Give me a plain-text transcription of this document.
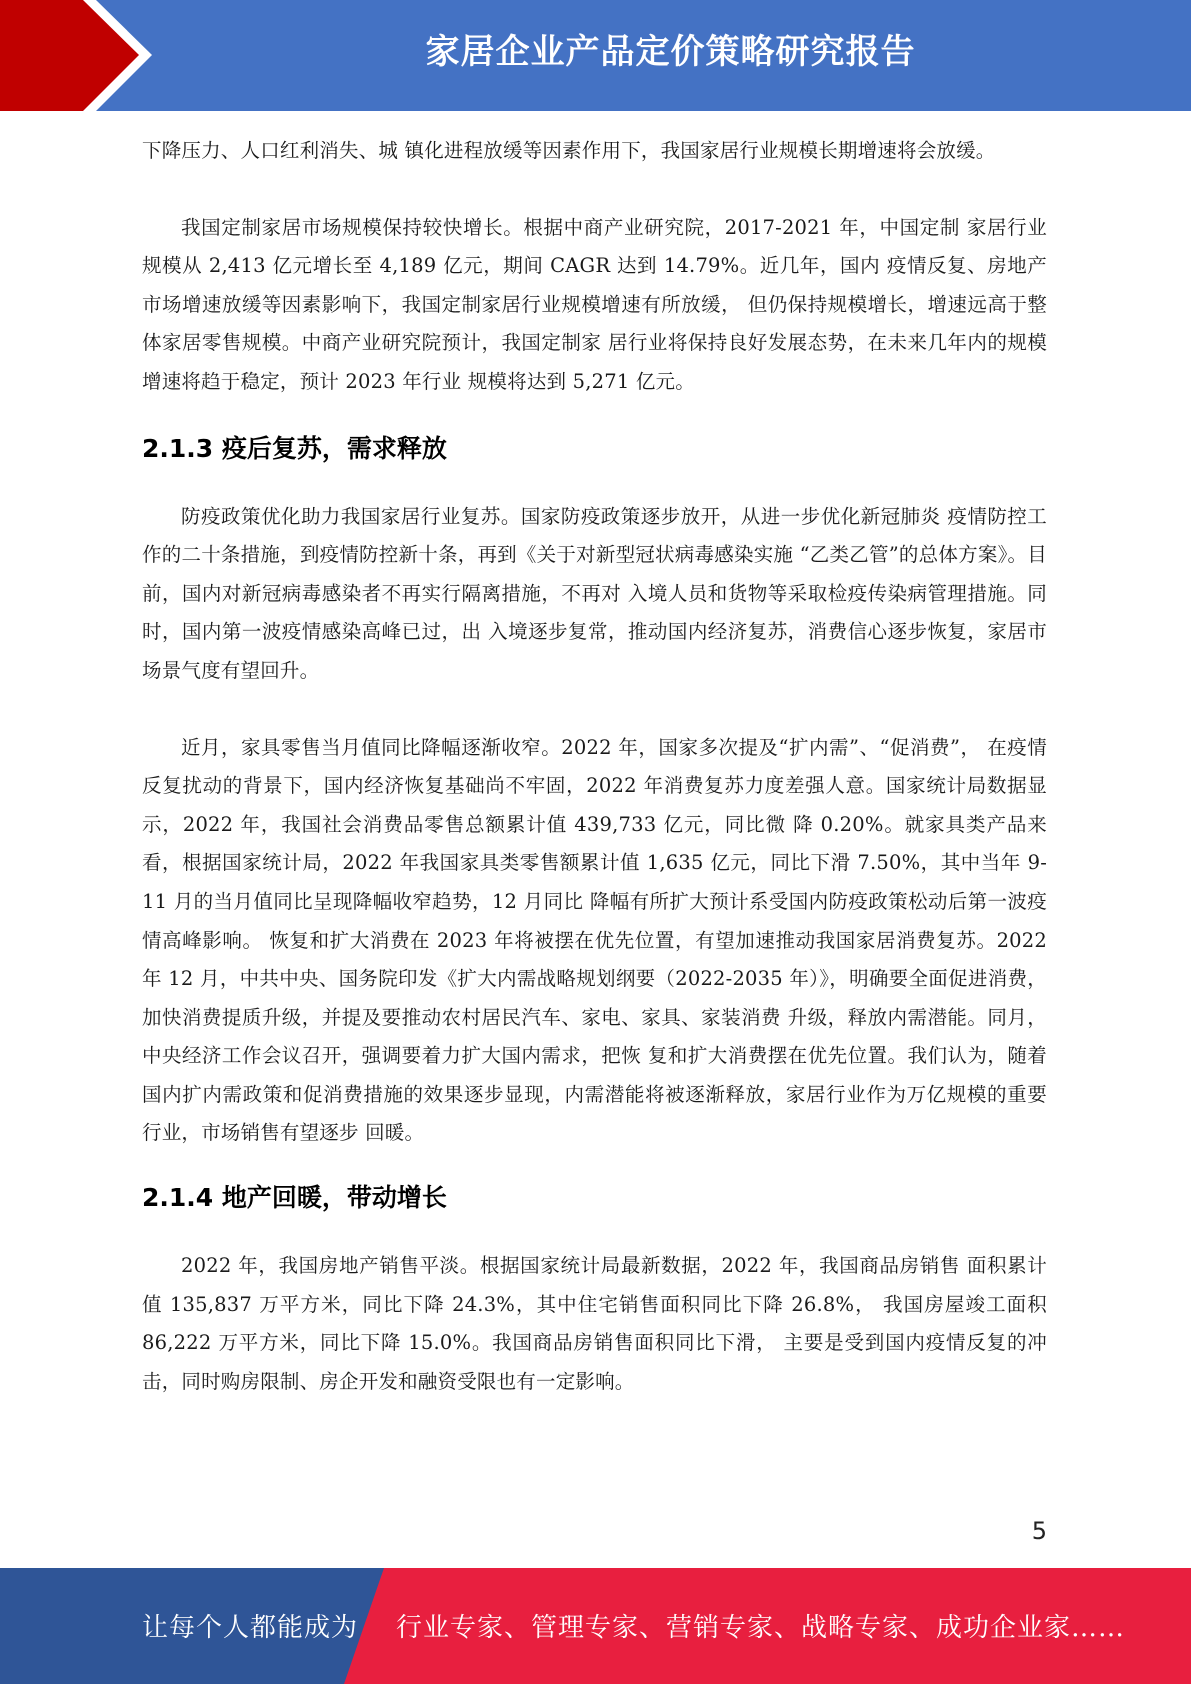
家居企业产品定价策略研究报告

下降压力、人口红利消失、城 镇化进程放缓等因素作用下，我国家居行业规模长期增速将会放缓。

我国定制家居市场规模保持较快增长。根据中商产业研究院，2017-2021 年，中国定制 家居行业规模从 2,413 亿元增长至 4,189 亿元，期间 CAGR 达到 14.79%。近几年，国内 疫情反复、房地产市场增速放缓等因素影响下，我国定制家居行业规模增速有所放缓， 但仍保持规模增长，增速远高于整体家居零售规模。中商产业研究院预计，我国定制家 居行业将保持良好发展态势，在未来几年内的规模增速将趋于稳定，预计 2023 年行业 规模将达到 5,271 亿元。

2.1.3 疫后复苏，需求释放

防疫政策优化助力我国家居行业复苏。国家防疫政策逐步放开，从进一步优化新冠肺炎 疫情防控工作的二十条措施，到疫情防控新十条，再到《关于对新型冠状病毒感染实施 “乙类乙管”的总体方案》。目前，国内对新冠病毒感染者不再实行隔离措施，不再对 入境人员和货物等采取检疫传染病管理措施。同时，国内第一波疫情感染高峰已过，出 入境逐步复常，推动国内经济复苏，消费信心逐步恢复，家居市场景气度有望回升。

近月，家具零售当月值同比降幅逐渐收窄。2022 年，国家多次提及“扩内需”、“促消费”， 在疫情反复扰动的背景下，国内经济恢复基础尚不牢固，2022 年消费复苏力度差强人意。国家统计局数据显示，2022 年，我国社会消费品零售总额累计值 439,733 亿元，同比微 降 0.20%。就家具类产品来看，根据国家统计局，2022 年我国家具类零售额累计值 1,635 亿元，同比下滑 7.50%，其中当年 9-11 月的当月值同比呈现降幅收窄趋势，12 月同比 降幅有所扩大预计系受国内防疫政策松动后第一波疫情高峰影响。 恢复和扩大消费在 2023 年将被摆在优先位置，有望加速推动我国家居消费复苏。2022 年 12 月，中共中央、国务院印发《扩大内需战略规划纲要（2022-2035 年）》，明确要全面促进消费，加快消费提质升级，并提及要推动农村居民汽车、家电、家具、家装消费 升级，释放内需潜能。同月，中央经济工作会议召开，强调要着力扩大国内需求，把恢 复和扩大消费摆在优先位置。我们认为，随着国内扩内需政策和促消费措施的效果逐步显现，内需潜能将被逐渐释放，家居行业作为万亿规模的重要行业，市场销售有望逐步 回暖。

2.1.4 地产回暖，带动增长

2022 年，我国房地产销售平淡。根据国家统计局最新数据，2022 年，我国商品房销售 面积累计值 135,837 万平方米，同比下降 24.3%，其中住宅销售面积同比下降 26.8%， 我国房屋竣工面积 86,222 万平方米，同比下降 15.0%。我国商品房销售面积同比下滑， 主要是受到国内疫情反复的冲击，同时购房限制、房企开发和融资受限也有一定影响。

5
让每个人都能成为 行业专家、管理专家、营销专家、战略专家、成功企业家……
